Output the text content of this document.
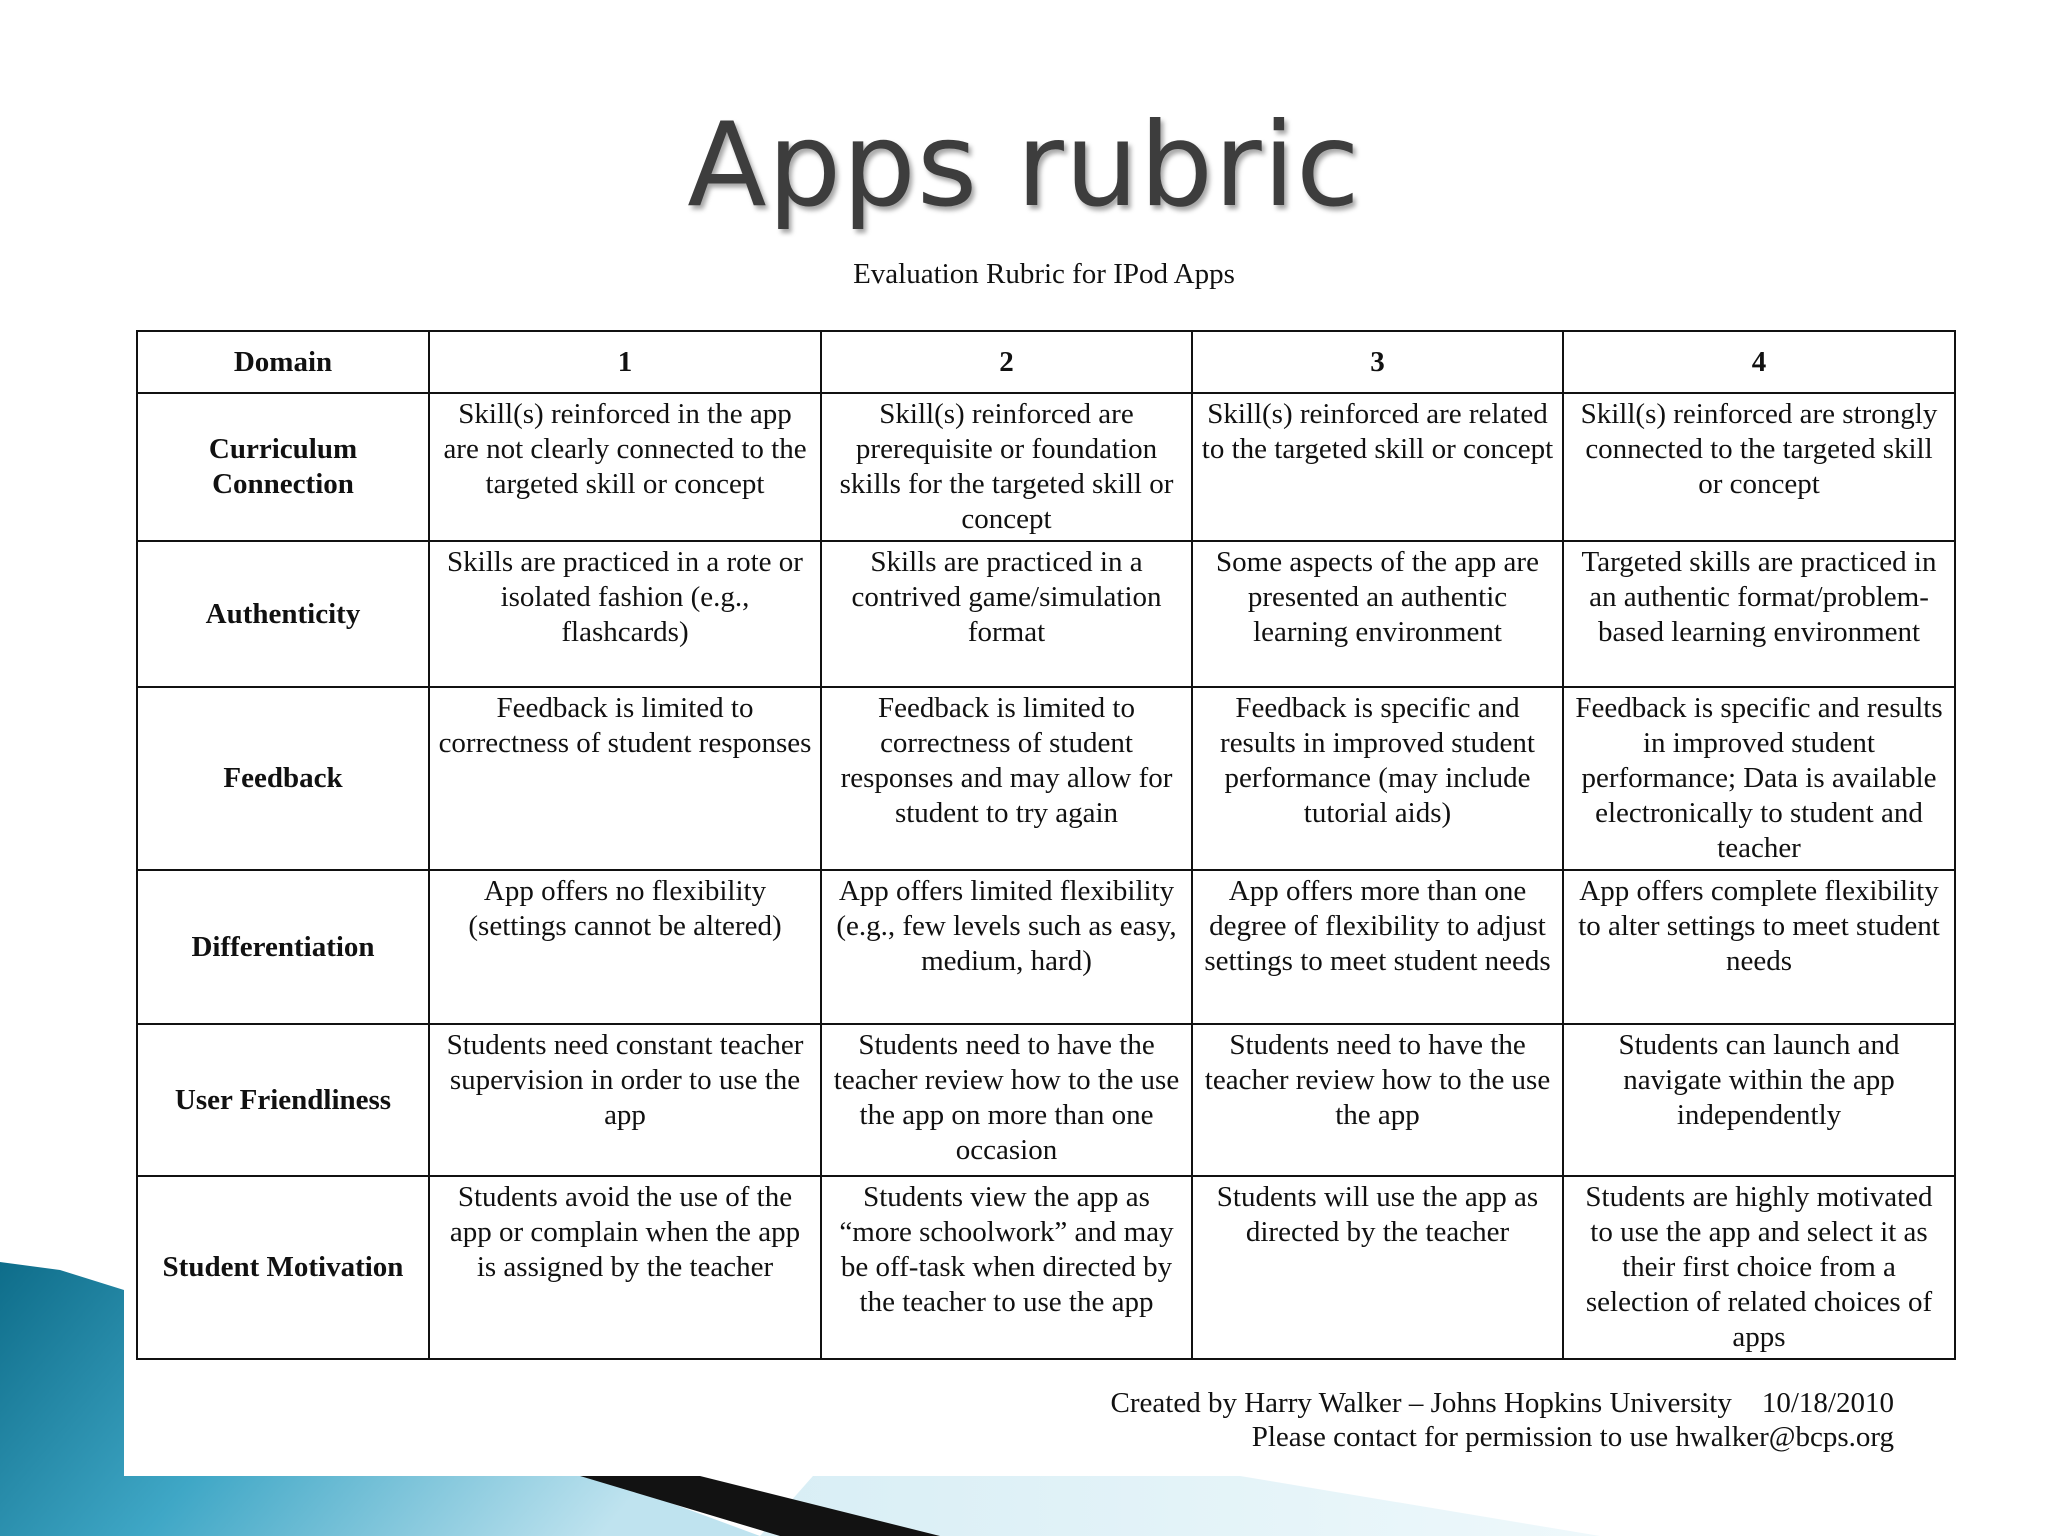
Apps rubric
Evaluation Rubric for IPod Apps
Domain	1	2	3	4
Curriculum Connection	Skill(s) reinforced in the app are not clearly connected to the targeted skill or concept	Skill(s) reinforced are prerequisite or foundation skills for the targeted skill or concept	Skill(s) reinforced are related to the targeted skill or concept	Skill(s) reinforced are strongly connected to the targeted skill or concept
Authenticity	Skills are practiced in a rote or isolated fashion (e.g., flashcards)	Skills are practiced in a contrived game/simulation format	Some aspects of the app are presented an authentic learning environment	Targeted skills are practiced in an authentic format/problem-based learning environment
Feedback	Feedback is limited to correctness of student responses	Feedback is limited to correctness of student responses and may allow for student to try again	Feedback is specific and results in improved student performance (may include tutorial aids)	Feedback is specific and results in improved student performance; Data is available electronically to student and teacher
Differentiation	App offers no flexibility (settings cannot be altered)	App offers limited flexibility (e.g., few levels such as easy, medium, hard)	App offers more than one degree of flexibility to adjust settings to meet student needs	App offers complete flexibility to alter settings to meet student needs
User Friendliness	Students need constant teacher supervision in order to use the app	Students need to have the teacher review how to the use the app on more than one occasion	Students need to have the teacher review how to the use the app	Students can launch and navigate within the app independently
Student Motivation	Students avoid the use of the app or complain when the app is assigned by the teacher	Students view the app as “more schoolwork” and may be off-task when directed by the teacher to use the app	Students will use the app as directed by the teacher	Students are highly motivated to use the app and select it as their first choice from a selection of related choices of apps
Created by Harry Walker – Johns Hopkins University 10/18/2010
Please contact for permission to use hwalker@bcps.org
